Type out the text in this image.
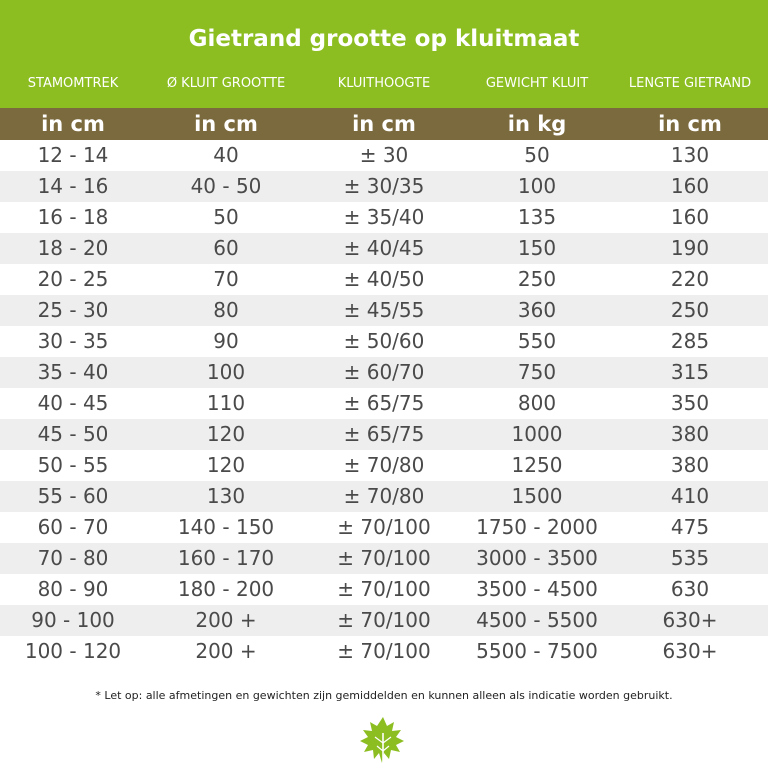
Gietrand grootte op kluitmaat
STAMOMTREK	Ø KLUIT GROOTTE	KLUITHOOGTE	GEWICHT KLUIT	LENGTE GIETRAND
in cm	in cm	in cm	in kg	in cm
12 - 14	40	± 30	50	130
14 - 16	40 - 50	± 30/35	100	160
16 - 18	50	± 35/40	135	160
18 - 20	60	± 40/45	150	190
20 - 25	70	± 40/50	250	220
25 - 30	80	± 45/55	360	250
30 - 35	90	± 50/60	550	285
35 - 40	100	± 60/70	750	315
40 - 45	110	± 65/75	800	350
45 - 50	120	± 65/75	1000	380
50 - 55	120	± 70/80	1250	380
55 - 60	130	± 70/80	1500	410
60 - 70	140 - 150	± 70/100	1750 - 2000	475
70 - 80	160 - 170	± 70/100	3000 - 3500	535
80 - 90	180 - 200	± 70/100	3500 - 4500	630
90 - 100	200 +	± 70/100	4500 - 5500	630+
100 - 120	200 +	± 70/100	5500 - 7500	630+
* Let op: alle afmetingen en gewichten zijn gemiddelden en kunnen alleen als indicatie worden gebruikt.
